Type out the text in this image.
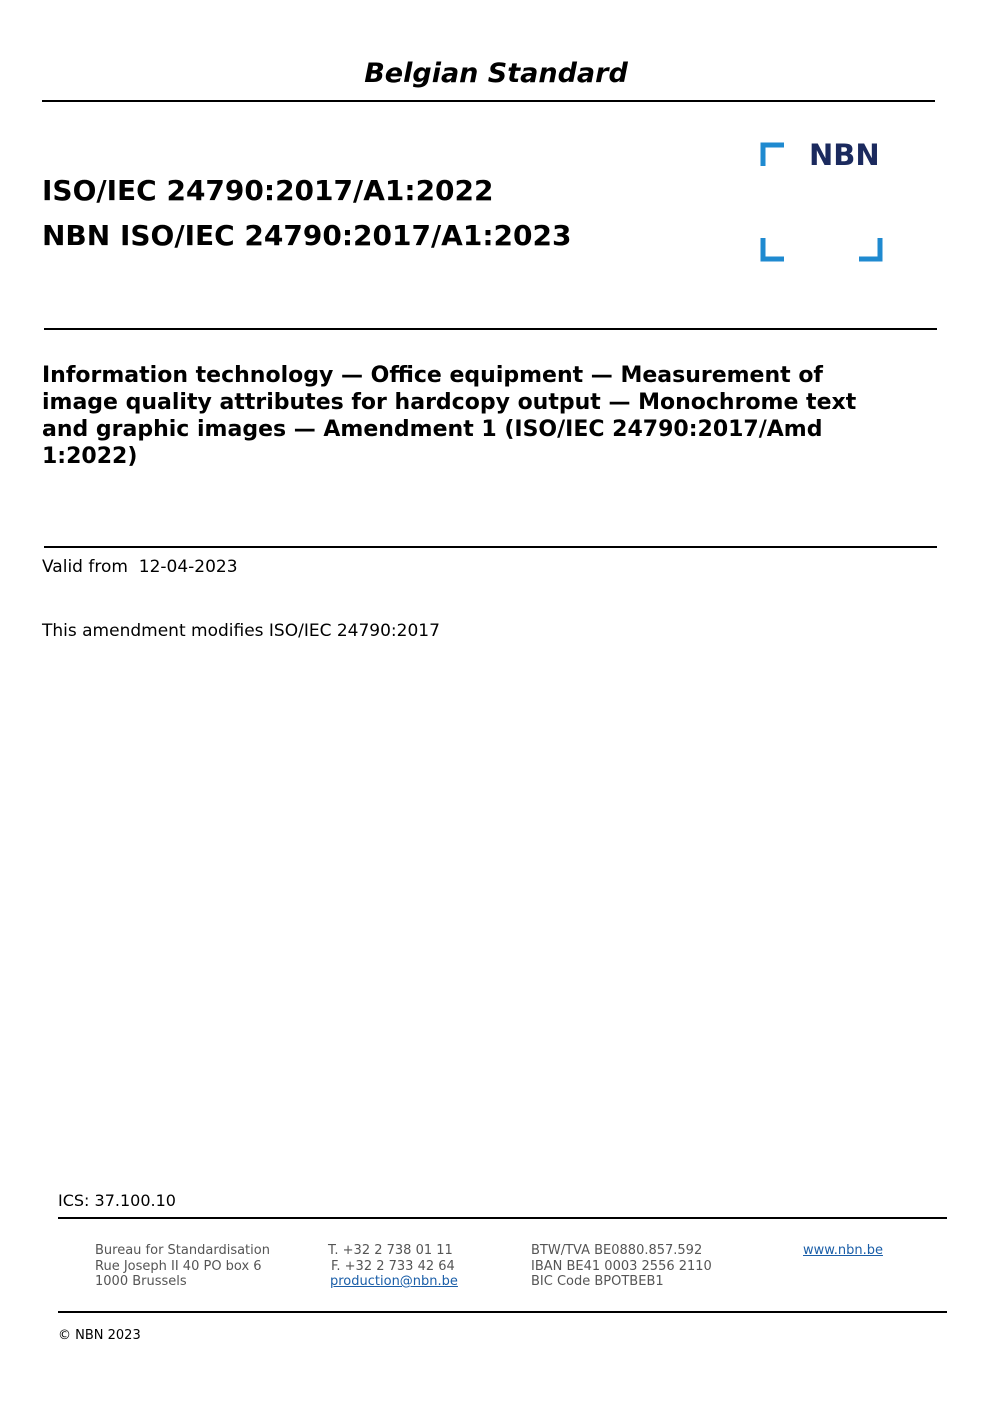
Belgian Standard
ISO/IEC 24790:2017/A1:2022
NBN ISO/IEC 24790:2017/A1:2023
NBN
Information technology — Office equipment — Measurement of image quality attributes for hardcopy output — Monochrome text and graphic images — Amendment 1 (ISO/IEC 24790:2017/Amd 1:2022)
Valid from 12-04-2023
This amendment modifies ISO/IEC 24790:2017
ICS: 37.100.10
Bureau for Standardisation
Rue Joseph II 40 PO box 6
1000 Brussels
T. +32 2 738 01 11
F. +32 2 733 42 64
production@nbn.be
BTW/TVA BE0880.857.592
IBAN BE41 0003 2556 2110
BIC Code BPOTBEB1
www.nbn.be
© NBN 2023
